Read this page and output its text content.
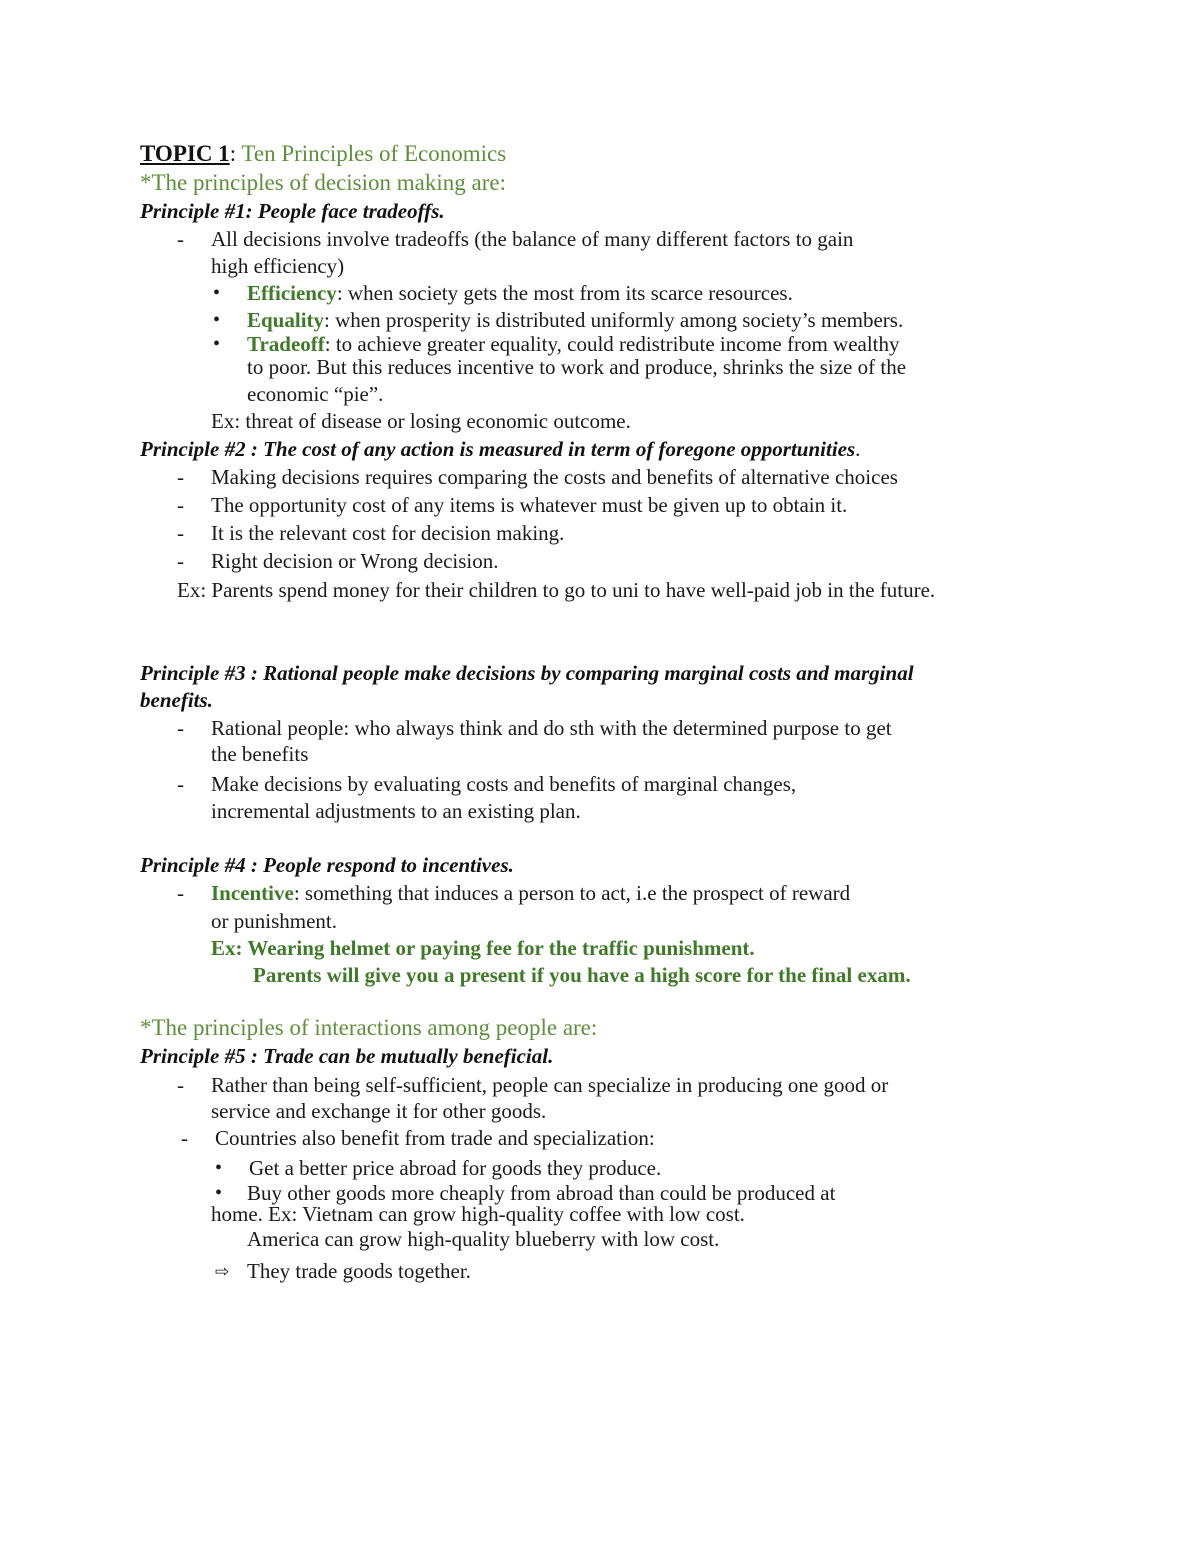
TOPIC 1: Ten Principles of Economics
*The principles of decision making are:
Principle #1: People face tradeoffs.
- All decisions involve tradeoffs (the balance of many different factors to gain
high efficiency)
• Efficiency: when society gets the most from its scarce resources.
• Equality: when prosperity is distributed uniformly among society’s members.
• Tradeoff: to achieve greater equality, could redistribute income from wealthy
to poor. But this reduces incentive to work and produce, shrinks the size of the
economic “pie”.
Ex: threat of disease or losing economic outcome.
Principle #2 : The cost of any action is measured in term of foregone opportunities.
- Making decisions requires comparing the costs and benefits of alternative choices
- The opportunity cost of any items is whatever must be given up to obtain it.
- It is the relevant cost for decision making.
- Right decision or Wrong decision.
Ex: Parents spend money for their children to go to uni to have well-paid job in the future.
Principle #3 : Rational people make decisions by comparing marginal costs and marginal
benefits.
- Rational people: who always think and do sth with the determined purpose to get
the benefits
- Make decisions by evaluating costs and benefits of marginal changes,
incremental adjustments to an existing plan.
Principle #4 : People respond to incentives.
- Incentive: something that induces a person to act, i.e the prospect of reward
or punishment.
Ex: Wearing helmet or paying fee for the traffic punishment.
Parents will give you a present if you have a high score for the final exam.
*The principles of interactions among people are:
Principle #5 : Trade can be mutually beneficial.
- Rather than being self-sufficient, people can specialize in producing one good or
service and exchange it for other goods.
- Countries also benefit from trade and specialization:
• Get a better price abroad for goods they produce.
• Buy other goods more cheaply from abroad than could be produced at
home. Ex: Vietnam can grow high-quality coffee with low cost.
America can grow high-quality blueberry with low cost.
⇨ They trade goods together.
